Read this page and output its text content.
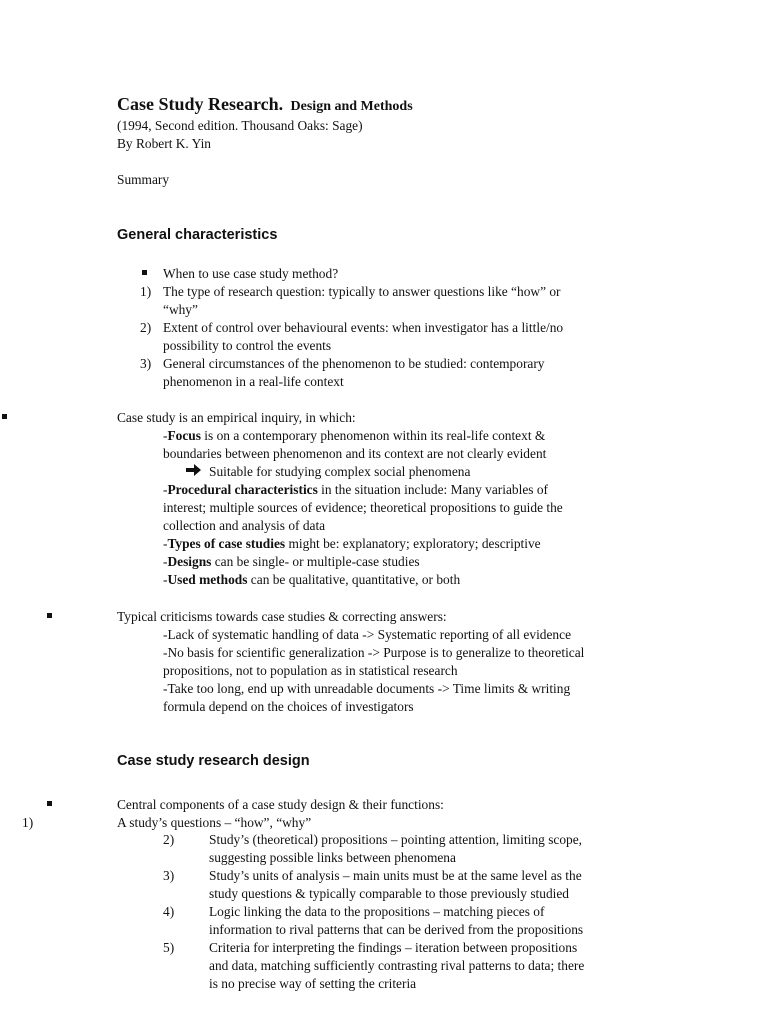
Case Study Research. Design and Methods
(1994, Second edition. Thousand Oaks: Sage)
By Robert K. Yin
Summary
General characteristics
When to use case study method?
1) The type of research question: typically to answer questions like “how” or
“why”
2) Extent of control over behavioural events: when investigator has a little/no
possibility to control the events
3) General circumstances of the phenomenon to be studied: contemporary
phenomenon in a real-life context
Case study is an empirical inquiry, in which:
-Focus is on a contemporary phenomenon within its real-life context &
boundaries between phenomenon and its context are not clearly evident
Suitable for studying complex social phenomena
-Procedural characteristics in the situation include: Many variables of
interest; multiple sources of evidence; theoretical propositions to guide the
collection and analysis of data
-Types of case studies might be: explanatory; exploratory; descriptive
-Designs can be single- or multiple-case studies
-Used methods can be qualitative, quantitative, or both
Typical criticisms towards case studies & correcting answers:
-Lack of systematic handling of data -> Systematic reporting of all evidence
-No basis for scientific generalization -> Purpose is to generalize to theoretical
propositions, not to population as in statistical research
-Take too long, end up with unreadable documents -> Time limits & writing
formula depend on the choices of investigators
Case study research design
Central components of a case study design & their functions:
1)	A study’s questions – “how”, “why”
2)	Study’s (theoretical) propositions – pointing attention, limiting scope,
suggesting possible links between phenomena
3)	Study’s units of analysis – main units must be at the same level as the
study questions & typically comparable to those previously studied
4)	Logic linking the data to the propositions – matching pieces of
information to rival patterns that can be derived from the propositions
5)	Criteria for interpreting the findings – iteration between propositions
and data, matching sufficiently contrasting rival patterns to data; there
is no precise way of setting the criteria
